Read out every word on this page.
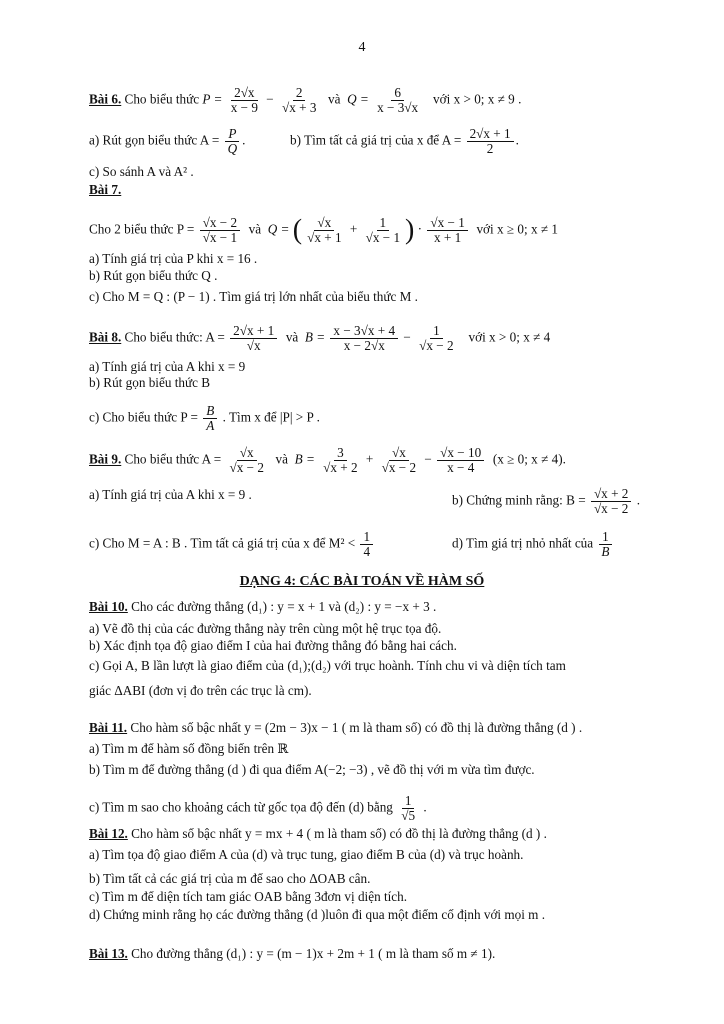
4
Bài 6. Cho biểu thức $P = \frac{2√x}{x - 9} - \frac{2}{√x + 3}$ và $Q = \frac{6}{x - 3√x}$ với x > 0; x ≠ 9 .
a) Rút gọn biểu thức $A = \frac{P}{Q}$ .	b) Tìm tất cả giá trị của x để $A = \frac{2√x + 1}{2}$ .
c) So sánh A và A² .
Bài 7.
Cho 2 biểu thức $P = \frac{√x - 2}{√x - 1}$ và Q = ( $\frac{√x}{√x + 1} + \frac{1}{√x - 1}$ ) · $\frac{√x - 1}{x + 1}$ với x ≥ 0; x ≠ 1
a) Tính giá trị của P khi x = 16 .
b) Rút gọn biểu thức Q .
c) Cho M = Q : (P − 1) . Tìm giá trị lớn nhất của biểu thức M .
Bài 8. Cho biểu thức: $A = \frac{2√x + 1}{√x}$ và $B = \frac{x - 3√x + 4}{x - 2√x} - \frac{1}{√x - 2}$ với x > 0; x ≠ 4
a) Tính giá trị của A khi x = 9
b) Rút gọn biểu thức B
c) Cho biểu thức $P = \frac{B}{A}$ . Tìm x để |P| > P .
Bài 9. Cho biểu thức $A = \frac{√x}{√x - 2}$ và $B = \frac{3}{√x + 2} + \frac{√x}{√x - 2} - \frac{√x - 10}{x - 4} (x \ge 0$; x ≠ 4).
a) Tính giá trị của A khi x = 9 .	b) Chứng minh rằng: $B = \frac{√x + 2}{√x - 2}$ .
c) Cho M = A : B . Tìm tất cả giá trị của x để $M^2 < \frac{1}{4}$	d) Tìm giá trị nhỏ nhất của $\frac{1}{B}$
DẠNG 4: CÁC BÀI TOÁN VỀ HÀM SỐ
Bài 10. Cho các đường thẳng (d₁) : y = x + 1 và (d₂) : y = −x + 3 .
a) Vẽ đồ thị của các đường thẳng này trên cùng một hệ trục tọa độ.
b) Xác định tọa độ giao điểm I của hai đường thẳng đó bằng hai cách.
c) Gọi A, B lần lượt là giao điểm của (d₁);(d₂) với trục hoành. Tính chu vi và diện tích tam
giác ΔABI (đơn vị đo trên các trục là cm).
Bài 11. Cho hàm số bậc nhất y = (2m − 3)x − 1 ( m là tham số) có đồ thị là đường thẳng (d ) .
a) Tìm m để hàm số đồng biến trên ℝ
b) Tìm m để đường thẳng (d ) đi qua điểm A(−2; −3) , vẽ đồ thị với m vừa tìm được.
c) Tìm m sao cho khoảng cách từ gốc tọa độ đến (d) bằng $\frac{1}{√5}$ .
Bài 12. Cho hàm số bậc nhất y = mx + 4 ( m là tham số) có đồ thị là đường thẳng (d ) .
a) Tìm tọa độ giao điểm A của (d) và trục tung, giao điểm B của (d) và trục hoành.
b) Tìm tất cả các giá trị của m để sao cho ΔOAB cân.
c) Tìm m để diện tích tam giác OAB bằng 3đơn vị diện tích.
d) Chứng minh rằng họ các đường thẳng (d )luôn đi qua một điểm cố định với mọi m .
Bài 13. Cho đường thẳng (d₁) : y = (m − 1)x + 2m + 1 ( m là tham số m ≠ 1).
